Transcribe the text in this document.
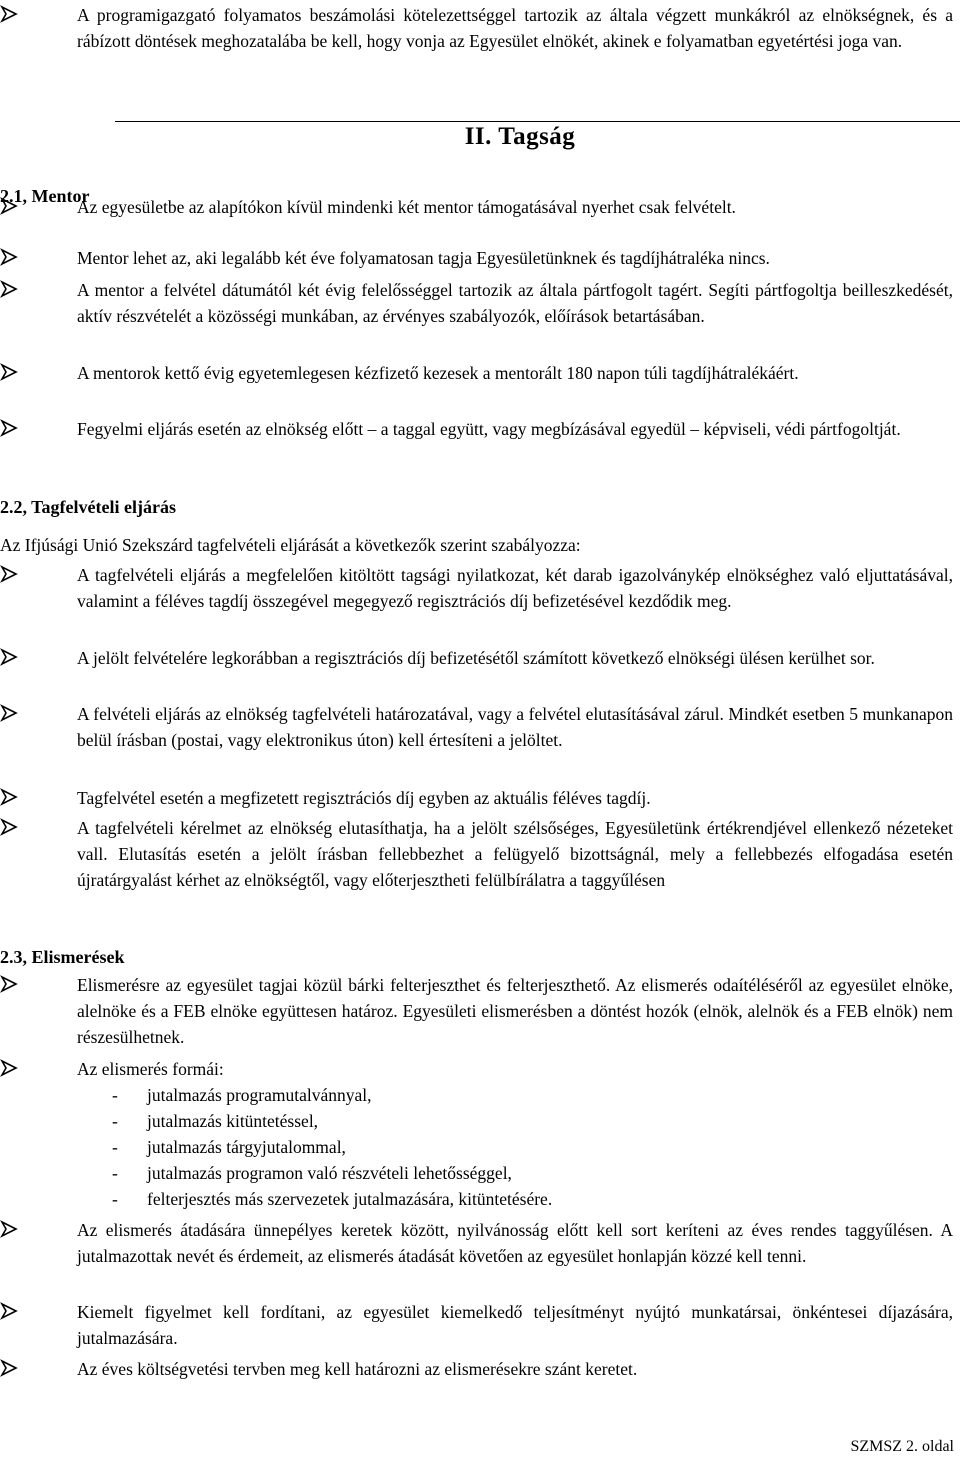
A programigazgató folyamatos beszámolási kötelezettséggel tartozik az általa végzett munkákról az elnökségnek, és a rábízott döntések meghozatalába be kell, hogy vonja az Egyesület elnökét, akinek e folyamatban egyetértési joga van.
II. Tagság
2.1, Mentor
Az egyesületbe az alapítókon kívül mindenki két mentor támogatásával nyerhet csak felvételt.
Mentor lehet az, aki legalább két éve folyamatosan tagja Egyesületünknek és tagdíjhátraléka nincs.
A mentor a felvétel dátumától két évig felelősséggel tartozik az általa pártfogolt tagért. Segíti pártfogoltja beilleszkedését, aktív részvételét a közösségi munkában, az érvényes szabályozók, előírások betartásában.
A mentorok kettő évig egyetemlegesen kézfizető kezesek a mentorált 180 napon túli tagdíjhátralékáért.
Fegyelmi eljárás esetén az elnökség előtt – a taggal együtt, vagy megbízásával egyedül – képviseli, védi pártfogoltját.
2.2, Tagfelvételi eljárás
Az Ifjúsági Unió Szekszárd tagfelvételi eljárását a következők szerint szabályozza:
A tagfelvételi eljárás a megfelelően kitöltött tagsági nyilatkozat, két darab igazolványkép elnökséghez való eljuttatásával, valamint a féléves tagdíj összegével megegyező regisztrációs díj befizetésével kezdődik meg.
A jelölt felvételére legkorábban a regisztrációs díj befizetésétől számított következő elnökségi ülésen kerülhet sor.
A felvételi eljárás az elnökség tagfelvételi határozatával, vagy a felvétel elutasításával zárul. Mindkét esetben 5 munkanapon belül írásban (postai, vagy elektronikus úton) kell értesíteni a jelöltet.
Tagfelvétel esetén a megfizetett regisztrációs díj egyben az aktuális féléves tagdíj.
A tagfelvételi kérelmet az elnökség elutasíthatja, ha a jelölt szélsőséges, Egyesületünk értékrendjével ellenkező nézeteket vall. Elutasítás esetén a jelölt írásban fellebbezhet a felügyelő bizottságnál, mely a fellebbezés elfogadása esetén újratárgyalást kérhet az elnökségtől, vagy előterjesztheti felülbírálatra a taggyűlésen
2.3, Elismerések
Elismerésre az egyesület tagjai közül bárki felterjeszthet és felterjeszthető. Az elismerés odaítéléséről az egyesület elnöke, alelnöke és a FEB elnöke együttesen határoz. Egyesületi elismerésben a döntést hozók (elnök, alelnök és a FEB elnök) nem részesülhetnek.
Az elismerés formái:
- jutalmazás programutalvánnyal,
- jutalmazás kitüntetéssel,
- jutalmazás tárgyjutalommal,
- jutalmazás programon való részvételi lehetősséggel,
- felterjesztés más szervezetek jutalmazására, kitüntetésére.
Az elismerés átadására ünnepélyes keretek között, nyilvánosság előtt kell sort keríteni az éves rendes taggyűlésen. A jutalmazottak nevét és érdemeit, az elismerés átadását követően az egyesület honlapján közzé kell tenni.
Kiemelt figyelmet kell fordítani, az egyesület kiemelkedő teljesítményt nyújtó munkatársai, önkéntesei díjazására, jutalmazására.
Az éves költségvetési tervben meg kell határozni az elismerésekre szánt keretet.
SZMSZ 2. oldal
